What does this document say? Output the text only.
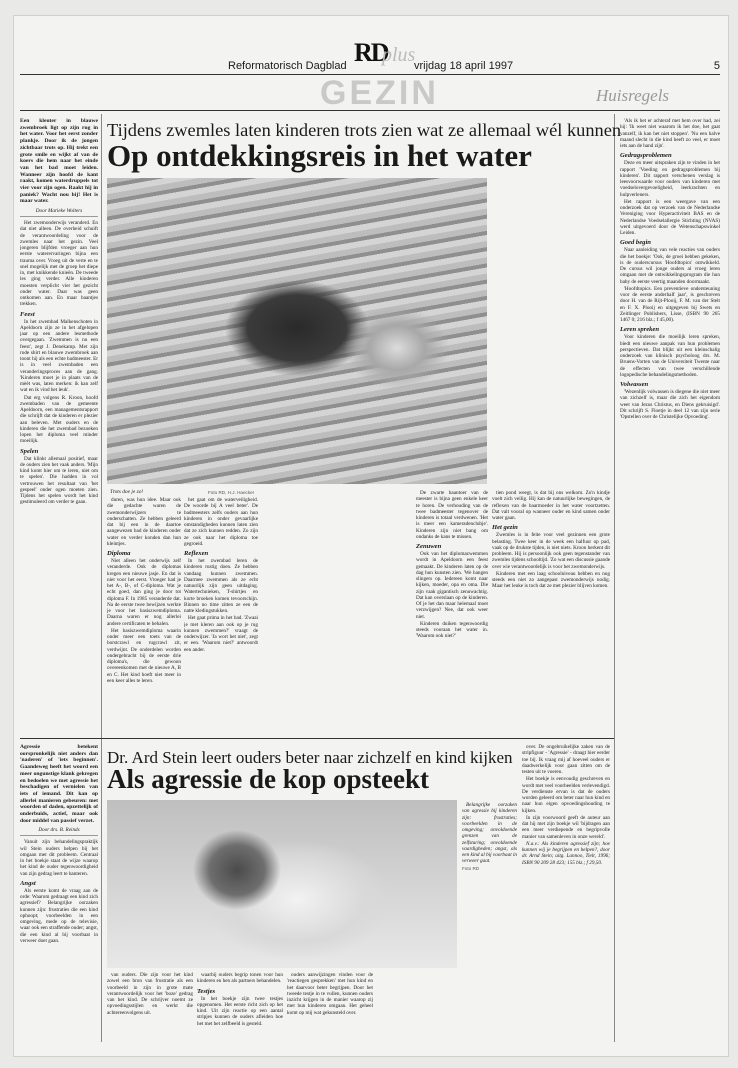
RD
plus
Reformatorisch Dagblad	vrijdag 18 april 1997	5
GEZIN	Huisregels

Een kleuter in blauwe zwembroek ligt op zijn rug in het water. Voor het eerst zonder plankje. Door ik de jongen zichtbaar trots op. Hij trekt een grote smile en wijkt af van de koers die hem naar het einde van het bad moet leiden. Wanneer zijn hoofd de kant raakt, komen waterdruppels tot vier voor zijn ogen. Raakt hij in paniek? Wacht nou bij! Het is maar water.

Door Marieke Wolters

Het zwemonderwijs veranderd. En dat niet alleen. De overheid schuift de verantwoordeling voor de zwemles naar het gezin. Veel jongeren blijfden vroeger aan hun eerste waterervaringen bijna een trauma over. Vroeg uit de verte en te snel mogelijk met de groep het diepe in, met knikkende knieën. De tweede les ging verder. Alle kinderen moesten verplicht vier het gezicht onder water. Daar was geen ontkomen aan. En maar baantjes trekken.

Feest

In het zwembad Malkenschoten in Apeldoorn zijn ze in het afgelopen jaar op een andere lesmethode overgegaan. 'Zwemmen is nu een feest', zegt J. Denekamp. Met zijn rode shirt en blauwe zwembroek aan toont hij als een echte badmeester. Er is in veel zwembaden een veranderingsproces aan de gang. 'Kinderen moet je in plaats van de mèèt was, laten merken: ik kan zelf wat en ik vind het leuk'.

Dat erg volgens R. Kroon, hoofd zwembaden van de gemeente Apeldoorn, een managementsrapport die schrijft dat de kinderen er plezier aan beleven. Met ouders en de kinderen die het zwembad bezoeken lopen het diploma veel minder moeilijk.

Spelen

Dat klinkt allemaal positief, maar de ouders zien het vaak anders. 'Mijn kind komt hier om te leren, niet om te spelen'. Die hadden in vol vertrouwen het resultaat van 'het gespeel' onder ogen moeten zien. Tijdens het spelen wordt het kind gestimuleerd om verder te gaan.

Tijdens zwemles laten kinderen trots zien wat ze allemaal wél kunnen
Op ontdekkingsreis in het water
Trots doe je zo!	Foto RD, H.J. Haecker

duren, was hun idee. Maar ook die gedachte waren de zwemonderwijzers te onderschatten. Ze hebben geleerd dat bij een in de daartoe aangewezen bad de kinderen onder water en verder konden dan hun kleintjes.

Diploma

Niet alleen het onderwijs zelf veranderde. Ook de diplomas kregen een nieuwe jasje. En dat is niet voor het eerst. Vroeger had je het A-, B-, of C-diploma. Wat je echt goed, dan ging je door tot diploma F. In 1985 veranderde dat. Na de eerste twee bewijzen werkte je voor het basiszwemdiploma. Daarna waren er nog allerlei andere certificaten te behalen.

Het basiszwemdiploma waarin onder meer een toets van de borstcrawl en rugcrawl zit, verdwijnt. De onderdelen worden ondergebracht bij de eerste drie diploma's, die gewoon overeenkomen met de nieuwe A, B en C. Het kind hoeft niet meer in een keer alles te leren.

het gaat om de waterveiligheid. De woorde bij A veel beter'. De badmeesters zelfs ouders aan hun kinderen in onder gevaarlijke omstandigheden kunnen laten zien dat ze zich kunnen redden. Zo zijn ze ook naar het diploma toe gegroeid.

Reflexen

In het zwembad leren de kinderen rustig doen. Ze hebben vandaag kunnen zwemmen. Daarmee zwemmen als ze echt natuurlijk zijn geen uitdaging. Watertechnieken, T-shirtjes en korte broeken komen tevoorschijn. Binnen no time zitten ze een de natte kledingstukken.

Het gaat prima in het bad. 'Zwaai je met kleren aan ook op je rug kunnen zwemmen?' vraagt de onderwijzer. 'Ja wort het niet', zegt er een. 'Waarom niet?' antwoordt een ander.

De zwarte baantoer van de meester is bijna geen enkele keer te horen. De verhouding van de twee badmeester tegenover de kinderen is totaal verdwenen. 'Het is meer een kameradenclubje'. Kinderen zijn niet bang om ondanks de kans te missen.

Zenuwen

Ook van het diplomazwemmen wordt in Apeldoorn een feest gemaakt. De kinderen laten op de dag hun kunsten zien. 'We hangen slingers op. Iedereen komt naar kijken, moeder, opa en oma. Die zijn vaak gigantisch zenuwachtig. Dat kan overslaan op de kinderen. Of je het dan maar helemaal moet verzwijgen? Nee, dat ook weer niet.

Kinderen duiken tegenwoordig steeds vooraan het water in. 'Waarom ook niet?'

tien pond weegt, is dat bij ons welkom. Zo'n kindje voelt zich veilig. Hij kan de natuurlijke bewegingen, de reflexen van de baarmoeder in het water voortzetten. Dat valt vooral op wanneer ouder en kind samen onder water gaan.

Het gezin

Zwemles is in feite voor veel gezinnen een grote belasting. Twee keer in de week een halfuur op pad, vaak op de drukste tijden, is niet niets. Kroon herkent dit probleem. Hij is persoonlijk ook geen tegenstander van zwemles tijdens schooltijd. 'Zo wat een discussie gaande over wie verantwoordelijk is voor het zwemonderwijs.

Kinderen met een laag schoolniveau hebben en nog steeds een niet zo aangepast zwemonderwijs nodig. Maar het leuke is toch dat ze met plezier blijven komen.

Agressie betekent oorspronkelijk niet anders dan 'naderen' of 'iets beginnen'. Gaandeweg heeft het woord een meer ongunstige klank gekregen en bedoelen we met agressie het beschadigen of vernielen van iets of iemand. Dit kan op allerlei manieren gebeuren: met woorden of daden, opzettelijk of onderbuids, actief, maar ook door middel van passief verzet.

Door drs. B. Reinds

Vanuit zijn behandelingspraktijk wil Stein ouders helpen bij het omgaan met dit probleem. Centraal in het boekje staat de wijze waarop het kind de ouder tegenwoordigheid van zijn gedrag leert te hanteren.

Angst

Als eerste komt de vraag aan de orde: Waarom gedraagt een kind zich agressief? Belangrijke oorzaken kunnen zijn: frustraties die een kind ophoopt; voorbeelden in een omgeving, mede op de televisie, waar ook een straffende ouder; angst, die een kind al bij voorbaat in verweer doet gaan.

Dr. Ard Stein leert ouders beter naar zichzelf en kind kijken
Als agressie de kop opsteekt

Belangrijke oorzaken van agressie bij kinderen zijn: frustraties; voorbeelden in de omgeving; onvoldoende grenzen van de zelfsturing; onvoldoende vaardigheden; angst, als een kind al bij voorbaat in verweer gaat.

Foto RD

van ouders. Die zijn voor het kind zowel een bron van frustratie als een voorbeeld in zijn in grote mate verantwoordelijk voor het 'boze' gedrag van het kind. De schrijver noemt ze opvoedingsstijlen en werkt die achtereenvolgens uit.

waarbij ouders begrip tonen voor hun kinderen en hen als partners behandelen.

Testjes

In het boekje zijn twee testjes opgenomen. Het eerste richt zich op het kind. Uit zijn reactie op een aantal stripjes kunnen de ouders afleiden hoe het met het zelfbeeld is gesteld.

ouders aanwijzingen vinden voor de 'reactiegen gesprekken' met hun kind en het daarvoor beter begrijpen. Door het tweede testje in te vullen, kunnen ouders inzicht krijgen in de manier waarop zij met hun kinderen omgaan. Het geheel komt op mij wat gekunsteld over.

over. De ongebruikelijke zaken van de stripfiguur - 'Agressie' - draagt hier eerder toe bij. Ik vraag mij af hoeveel ouders er daadwerkelijk voor gaan zitten om de testen uit te voeren.

Het boekje is eenvoudig geschreven en wordt met veel voorbeelden verlevendigd. De verdienste ervan is dat de ouders worden geleerd om beter naar hun kind en naar hun eigen opvoedingshouding te kijken.

In zijn voorwoord geeft de auteur aan dat hij met zijn boekje wil 'bijdragen aan een meer verdiepende en begripvolle manier van samenleven in onze wereld'.

N.a.v.: Als kinderen agressief zijn; hoe kunnen wij je begrijpen en helpen?, door dr. Arnd Stein; uitg. Lannoo, Tielt, 1996; ISBN 90 209 28 423; 155 blz.; f 29,50.

'Als ik het er achteraf met hem over had, zei hij: 'Ik weet niet waarom ik het doe, het gaat vanzelf, ik kan het niet stoppen'. 'Nu een halve maand slecht in die kind heeft zo veel, er moet iets aan de hand zijn'.

Gedragsproblemen

Deze en meer uitspraken zijn te vinden in het rapport 'Voeding en gedragsproblemen bij kinderen'. Dit rapport verschenen verslag is leesvoorwaarde voor ouders van kinderen met voedselovergevoeligheid, leerkrachten en hulpverleners.

Het rapport is een weergave van een onderzoek dat op verzoek van de Nederlandse Vereniging voor Hyperactiviteit BAS en de Nederlandse Voedselallergie Stichting (NVAS) werd uitgevoerd door de Wetenschapswinkel Leiden.

Goed begin

Naar aanleiding van vele reacties van ouders die het boekje: 'Ook, de groei hebben gekeken, is de ouderscursus 'Hoofdtopics' ontwikkeld. De cursus wil jonge ouders al vroeg leren omgaan met de ontwikkelingsprogram die hun baby de eerste veertig maanden doormaakt.

'Hoofdtopics. Een preventieve ondersteuning voor de eerste anderhalf jaar', is geschreven door H. van de Rijt-Plooij, F. M. van der Stelt en F. X. Plooij en uitgegeven bij Swets en Zeitlinger Publishers, Lisse, (ISBN 90 265 1467 0; 216 blz.; f 45,00).

Leren spreken

Voor kinderen die moeilijk leren spreken, biedt een nieuwe aanpak van hun problemen perspectieven. Dat blijkt uit een kleinschalig onderzoek van klinisch psycholoog drs. M. Bruens-Vorten van de Universiteit Twente naar de effecten van twee verschillende logopedische behandelingsmethoden.

Volwassen

'Wezenlijk volwassen is diegene die niet meer van zichzelf is, maar die zich het eigendom weet van Jezus Christus, en Diens gekruisigd'. Dit schrijft S. Floetje in deel 12 van zijn serie 'Opstellen over de Christelijke Opvoeding'.
